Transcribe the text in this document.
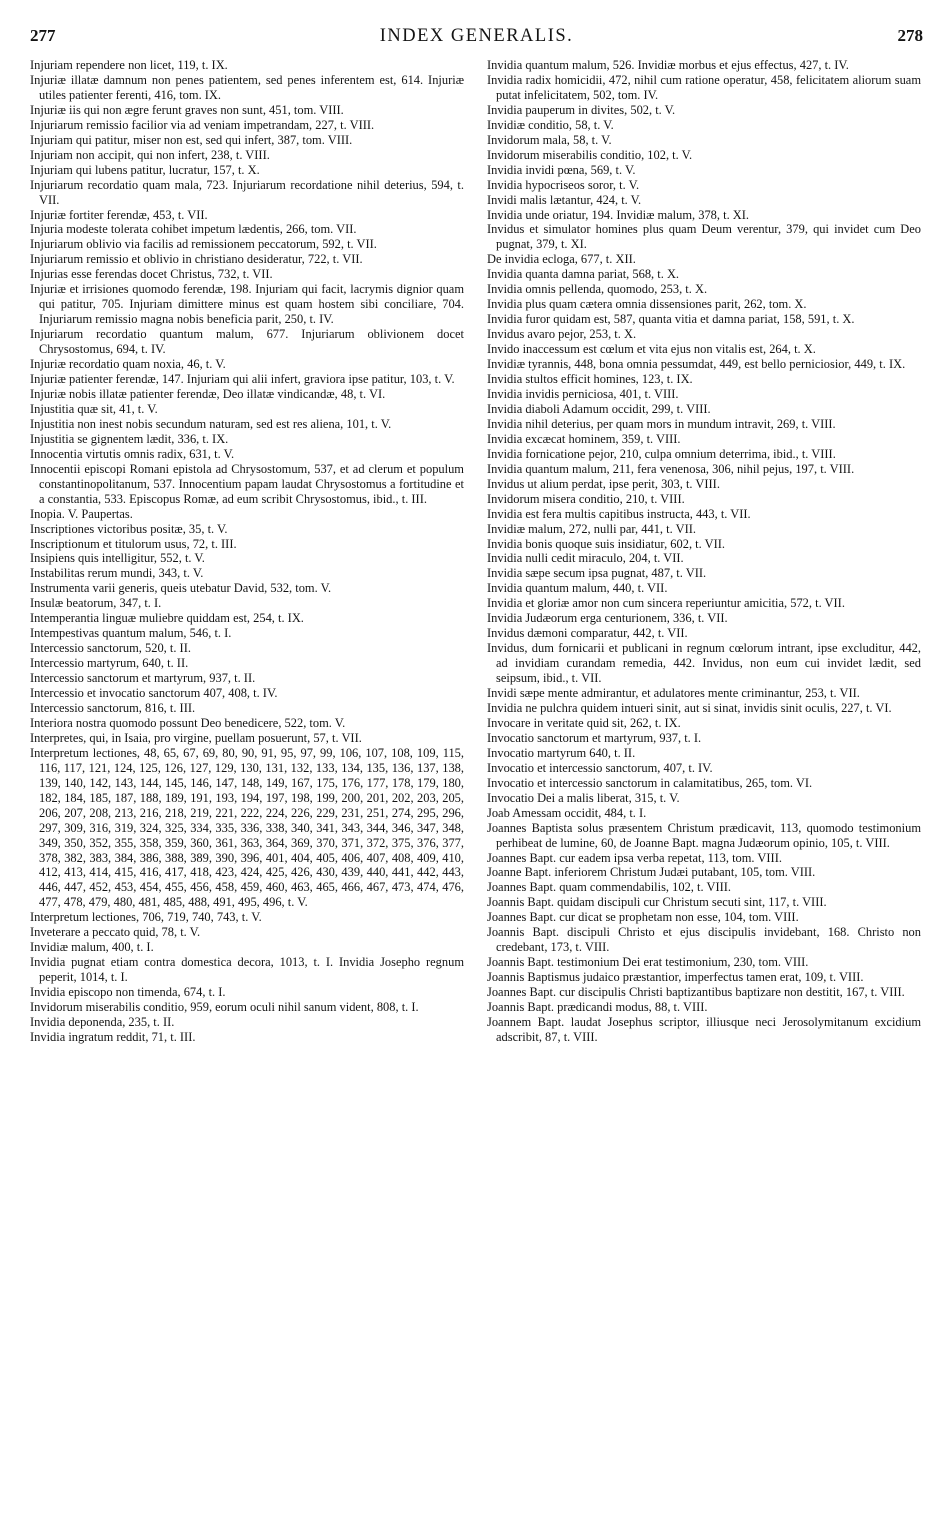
277	INDEX GENERALIS.	278

Injuriam rependere non licet, 119, t. IX.

Injuriæ illatæ damnum non penes patientem, sed penes inferentem est, 614. Injuriæ utiles patienter ferenti, 416, tom. IX.

Injuriæ iis qui non ægre ferunt graves non sunt, 451, tom. VIII.

Injuriarum remissio facilior via ad veniam impetrandam, 227, t. VIII.

Injuriam qui patitur, miser non est, sed qui infert, 387, tom. VIII.

Injuriam non accipit, qui non infert, 238, t. VIII.

Injuriam qui lubens patitur, lucratur, 157, t. X.

Injuriarum recordatio quam mala, 723. Injuriarum recordatione nihil deterius, 594, t. VII.

Injuriæ fortiter ferendæ, 453, t. VII.

Injuria modeste tolerata cohibet impetum lædentis, 266, tom. VII.

Injuriarum oblivio via facilis ad remissionem peccatorum, 592, t. VII.

Injuriarum remissio et oblivio in christiano desideratur, 722, t. VII.

Injurias esse ferendas docet Christus, 732, t. VII.

Injuriæ et irrisiones quomodo ferendæ, 198. Injuriam qui facit, lacrymis dignior quam qui patitur, 705. Injuriam dimittere minus est quam hostem sibi conciliare, 704. Injuriarum remissio magna nobis beneficia parit, 250, t. IV.

Injuriarum recordatio quantum malum, 677. Injuriarum oblivionem docet Chrysostomus, 694, t. IV.

Injuriæ recordatio quam noxia, 46, t. V.

Injuriæ patienter ferendæ, 147. Injuriam qui alii infert, graviora ipse patitur, 103, t. V.

Injuriæ nobis illatæ patienter ferendæ, Deo illatæ vindicandæ, 48, t. VI.

Injustitia quæ sit, 41, t. V.

Injustitia non inest nobis secundum naturam, sed est res aliena, 101, t. V.

Injustitia se gignentem lædit, 336, t. IX.

Innocentia virtutis omnis radix, 631, t. V.

Innocentii episcopi Romani epistola ad Chrysostomum, 537, et ad clerum et populum constantinopolitanum, 537. Innocentium papam laudat Chrysostomus a fortitudine et a constantia, 533. Episcopus Romæ, ad eum scribit Chrysostomus, ibid., t. III.

Inopia. V. Paupertas.

Inscriptiones victoribus positæ, 35, t. V.

Inscriptionum et titulorum usus, 72, t. III.

Insipiens quis intelligitur, 552, t. V.

Instabilitas rerum mundi, 343, t. V.

Instrumenta varii generis, queis utebatur David, 532, tom. V.

Insulæ beatorum, 347, t. I.

Intemperantia linguæ muliebre quiddam est, 254, t. IX.

Intempestivas quantum malum, 546, t. I.

Intercessio sanctorum, 520, t. II.

Intercessio martyrum, 640, t. II.

Intercessio sanctorum et martyrum, 937, t. II.

Intercessio et invocatio sanctorum 407, 408, t. IV.

Intercessio sanctorum, 816, t. III.

Interiora nostra quomodo possunt Deo benedicere, 522, tom. V.

Interpretes, qui, in Isaia, pro virgine, puellam posuerunt, 57, t. VII.

Interpretum lectiones, 48, 65, 67, 69, 80, 90, 91, 95, 97, 99, 106, 107, 108, 109, 115, 116, 117, 121, 124, 125, 126, 127, 129, 130, 131, 132, 133, 134, 135, 136, 137, 138, 139, 140, 142, 143, 144, 145, 146, 147, 148, 149, 167, 175, 176, 177, 178, 179, 180, 182, 184, 185, 187, 188, 189, 191, 193, 194, 197, 198, 199, 200, 201, 202, 203, 205, 206, 207, 208, 213, 216, 218, 219, 221, 222, 224, 226, 229, 231, 251, 274, 295, 296, 297, 309, 316, 319, 324, 325, 334, 335, 336, 338, 340, 341, 343, 344, 346, 347, 348, 349, 350, 352, 355, 358, 359, 360, 361, 363, 364, 369, 370, 371, 372, 375, 376, 377, 378, 382, 383, 384, 386, 388, 389, 390, 396, 401, 404, 405, 406, 407, 408, 409, 410, 412, 413, 414, 415, 416, 417, 418, 423, 424, 425, 426, 430, 439, 440, 441, 442, 443, 446, 447, 452, 453, 454, 455, 456, 458, 459, 460, 463, 465, 466, 467, 473, 474, 476, 477, 478, 479, 480, 481, 485, 488, 491, 495, 496, t. V.

Interpretum lectiones, 706, 719, 740, 743, t. V.

Inveterare a peccato quid, 78, t. V.

Invidiæ malum, 400, t. I.

Invidia pugnat etiam contra domestica decora, 1013, t. I. Invidia Josepho regnum peperit, 1014, t. I.

Invidia episcopo non timenda, 674, t. I.

Invidorum miserabilis conditio, 959, eorum oculi nihil sanum vident, 808, t. I.

Invidia deponenda, 235, t. II.

Invidia ingratum reddit, 71, t. III.

Invidia quantum malum, 526. Invidiæ morbus et ejus effectus, 427, t. IV.

Invidia radix homicidii, 472, nihil cum ratione operatur, 458, felicitatem aliorum suam putat infelicitatem, 502, tom. IV.

Invidia pauperum in divites, 502, t. V.

Invidiæ conditio, 58, t. V.

Invidorum mala, 58, t. V.

Invidorum miserabilis conditio, 102, t. V.

Invidia invidi pœna, 569, t. V.

Invidia hypocriseos soror, t. V.

Invidi malis lætantur, 424, t. V.

Invidia unde oriatur, 194. Invidiæ malum, 378, t. XI.

Invidus et simulator homines plus quam Deum verentur, 379, qui invidet cum Deo pugnat, 379, t. XI.

De invidia ecloga, 677, t. XII.

Invidia quanta damna pariat, 568, t. X.

Invidia omnis pellenda, quomodo, 253, t. X.

Invidia plus quam cætera omnia dissensiones parit, 262, tom. X.

Invidia furor quidam est, 587, quanta vitia et damna pariat, 158, 591, t. X.

Invidus avaro pejor, 253, t. X.

Invido inaccessum est cœlum et vita ejus non vitalis est, 264, t. X.

Invidiæ tyrannis, 448, bona omnia pessumdat, 449, est bello perniciosior, 449, t. IX.

Invidia stultos efficit homines, 123, t. IX.

Invidia invidis perniciosa, 401, t. VIII.

Invidia diaboli Adamum occidit, 299, t. VIII.

Invidia nihil deterius, per quam mors in mundum intravit, 269, t. VIII.

Invidia excæcat hominem, 359, t. VIII.

Invidia fornicatione pejor, 210, culpa omnium deterrima, ibid., t. VIII.

Invidia quantum malum, 211, fera venenosa, 306, nihil pejus, 197, t. VIII.

Invidus ut alium perdat, ipse perit, 303, t. VIII.

Invidorum misera conditio, 210, t. VIII.

Invidia est fera multis capitibus instructa, 443, t. VII.

Invidiæ malum, 272, nulli par, 441, t. VII.

Invidia bonis quoque suis insidiatur, 602, t. VII.

Invidia nulli cedit miraculo, 204, t. VII.

Invidia sæpe secum ipsa pugnat, 487, t. VII.

Invidia quantum malum, 440, t. VII.

Invidia et gloriæ amor non cum sincera reperiuntur amicitia, 572, t. VII.

Invidia Judæorum erga centurionem, 336, t. VII.

Invidus dæmoni comparatur, 442, t. VII.

Invidus, dum fornicarii et publicani in regnum cœlorum intrant, ipse excluditur, 442, ad invidiam curandam remedia, 442. Invidus, non eum cui invidet lædit, sed seipsum, ibid., t. VII.

Invidi sæpe mente admirantur, et adulatores mente criminantur, 253, t. VII.

Invidia ne pulchra quidem intueri sinit, aut si sinat, invidis sinit oculis, 227, t. VI.

Invocare in veritate quid sit, 262, t. IX.

Invocatio sanctorum et martyrum, 937, t. I.

Invocatio martyrum 640, t. II.

Invocatio et intercessio sanctorum, 407, t. IV.

Invocatio et intercessio sanctorum in calamitatibus, 265, tom. VI.

Invocatio Dei a malis liberat, 315, t. V.

Joab Amessam occidit, 484, t. I.

Joannes Baptista solus præsentem Christum prædicavit, 113, quomodo testimonium perhibeat de lumine, 60, de Joanne Bapt. magna Judæorum opinio, 105, t. VIII.

Joannes Bapt. cur eadem ipsa verba repetat, 113, tom. VIII.

Joanne Bapt. inferiorem Christum Judæi putabant, 105, tom. VIII.

Joannes Bapt. quam commendabilis, 102, t. VIII.

Joannis Bapt. quidam discipuli cur Christum secuti sint, 117, t. VIII.

Joannes Bapt. cur dicat se prophetam non esse, 104, tom. VIII.

Joannis Bapt. discipuli Christo et ejus discipulis invidebant, 168. Christo non credebant, 173, t. VIII.

Joannis Bapt. testimonium Dei erat testimonium, 230, tom. VIII.

Joannis Baptismus judaico præstantior, imperfectus tamen erat, 109, t. VIII.

Joannes Bapt. cur discipulis Christi baptizantibus baptizare non destitit, 167, t. VIII.

Joannis Bapt. prædicandi modus, 88, t. VIII.

Joannem Bapt. laudat Josephus scriptor, illiusque neci Jerosolymitanum excidium adscribit, 87, t. VIII.
